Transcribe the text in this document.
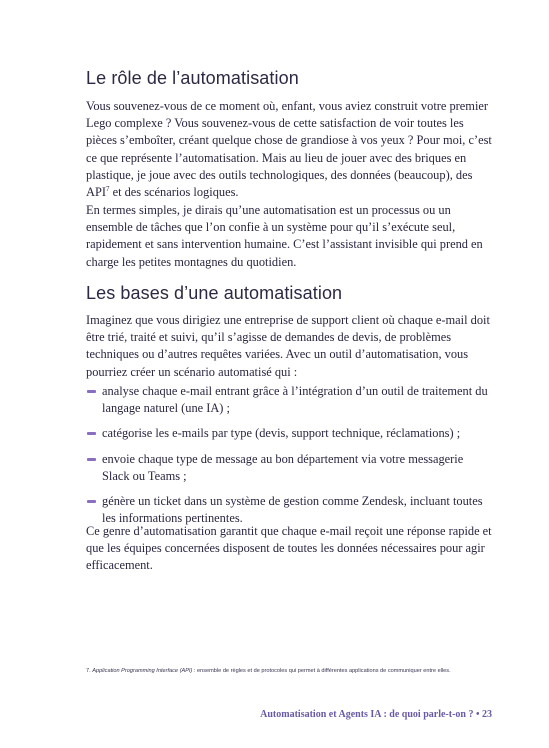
Le rôle de l’automatisation

Vous souvenez-vous de ce moment où, enfant, vous aviez construit votre premier Lego complexe ? Vous souvenez-vous de cette satisfaction de voir toutes les pièces s’emboîter, créant quelque chose de grandiose à vos yeux ? Pour moi, c’est ce que représente l’automatisation. Mais au lieu de jouer avec des briques en plastique, je joue avec des outils technologiques, des données (beaucoup), des API$^7$ et des scénarios logiques.

En termes simples, je dirais qu’une automatisation est un processus ou un ensemble de tâches que l’on confie à un système pour qu’il s’exécute seul, rapidement et sans intervention humaine. C’est l’assistant invisible qui prend en charge les petites montagnes du quotidien.

Les bases d’une automatisation

Imaginez que vous dirigiez une entreprise de support client où chaque e-mail doit être trié, traité et suivi, qu’il s’agisse de demandes de devis, de problèmes techniques ou d’autres requêtes variées. Avec un outil d’automatisation, vous pourriez créer un scénario automatisé qui :

analyse chaque e-mail entrant grâce à l’intégration d’un outil de traitement du langage naturel (une IA) ;
catégorise les e-mails par type (devis, support technique, réclamations) ;
envoie chaque type de message au bon département via votre messagerie Slack ou Teams ;
génère un ticket dans un système de gestion comme Zendesk, incluant toutes les informations pertinentes.

Ce genre d’automatisation garantit que chaque e-mail reçoit une réponse rapide et que les équipes concernées disposent de toutes les données nécessaires pour agir efficacement.

7. Application Programming Interface (API) : ensemble de règles et de protocoles qui permet à différentes applications de communiquer entre elles.

Automatisation et Agents IA : de quoi parle-t-on ? • 23
